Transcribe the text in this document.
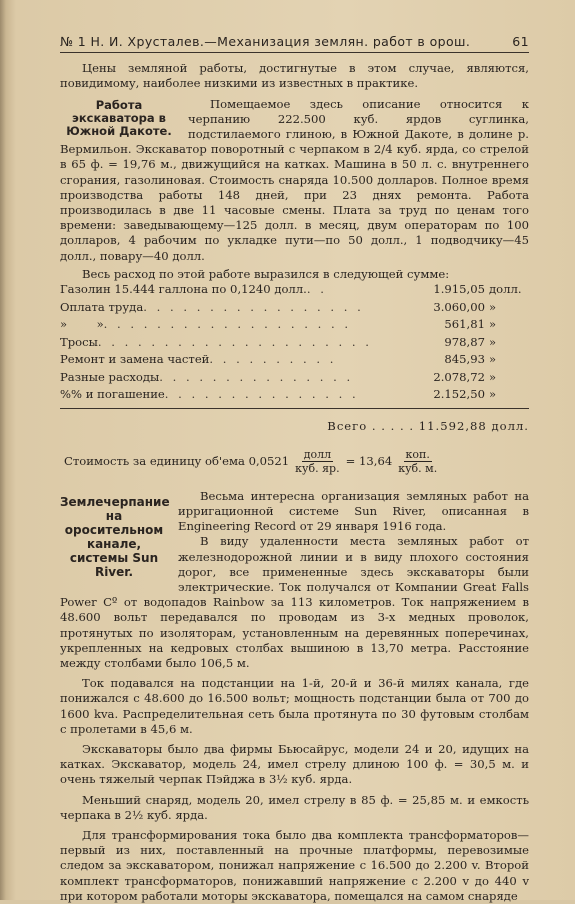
№ 1 Н. И. Хрусталев.—Механизация землян. работ в орош.	61

Цены земляной работы, достигнутые в этом случае, являются, повидимому, наиболее низкими из известных в практике.

Работа экскаватора в Южной Дакоте.

Помещаемое здесь описание относится к черпанию 222.500 куб. ярдов суглинка, подстилаемого глиною, в Южной Дакоте, в долине р. Вермильон. Экскаватор поворотный с черпаком в 2/4 куб. ярда, со стрелой в 65 ф. = 19,76 м., движущийся на катках. Машина в 50 л. с. внутреннего сгорания, газолиновая. Стоимость снаряда 10.500 долларов. Полное время производства работы 148 дней, при 23 днях ремонта. Работа производилась в две 11 часовые смены. Плата за труд по ценам того времени: заведывающему—125 долл. в месяц, двум операторам по 100 долларов, 4 рабочим по укладке пути—по 50 долл., 1 подводчику—45 долл., повару—40 долл.

Весь расход по этой работе выразился в следующей сумме:

Газолин 15.444 галлона по 0,1240 долл. . .	1.915,05 долл.
Оплата труда . . . . . . . . . . . . . . . . .	3.060,00 »
»        » . . . . . . . . . . . . . . . . . . .	561,81 »
Тросы . . . . . . . . . . . . . . . . . . . . .	978,87 »
Ремонт и замена частей . . . . . . . . . .	845,93 »
Разные расходы . . . . . . . . . . . . . . .	2.078,72 »
%% и погашение . . . . . . . . . . . . . . .	2.152,50 »

Всего . . . . . 11.592,88 долл.

Стоимость за единицу об'ема $0,0521 \frac{\text{долл}}{\text{куб. яр.}} = 13,64 \frac{\text{коп.}}{\text{куб. м.}}$
Землечерпание на оросительном канале, системы Sun River.

Весьма интересна организация земляных работ на ирригационной системе Sun River, описанная в Engineering Record от 29 января 1916 года.

В виду удаленности места земляных работ от железнодорожной линии и в виду плохого состояния дорог, все примененные здесь экскаваторы были электрические. Ток получался от Компании Great Falls Power Cº от водопадов Rainbow за 113 километров. Ток напряжением в 48.600 вольт передавался по проводам из 3-х медных проволок, протянутых по изоляторам, установленным на деревянных поперечинах, укрепленных на кедровых столбах вышиною в 13,70 метра. Расстояние между столбами было 106,5 м.

Ток подавался на подстанции на 1-й, 20-й и 36-й милях канала, где понижался с 48.600 до 16.500 вольт; мощность подстанции была от 700 до 1600 kva. Распределительная сеть была протянута по 30 футовым столбам с пролетами в 45,6 м.

Экскаваторы было два фирмы Бьюсайрус, модели 24 и 20, идущих на катках. Экскаватор, модель 24, имел стрелу длиною 100 ф. = 30,5 м. и очень тяжелый черпак Пэйджа в 3½ куб. ярда.

Меньший снаряд, модель 20, имел стрелу в 85 ф. = 25,85 м. и емкость черпака в 2½ куб. ярда.

Для трансформирования тока было два комплекта трансформаторов—первый из них, поставленный на прочные платформы, перевозимые следом за экскаватором, понижал напряжение с 16.500 до 2.200 v. Второй комплект трансформаторов, понижавший напряжение с 2.200 v до 440 v при котором работали моторы экскаватора, помещался на самом снаряде
